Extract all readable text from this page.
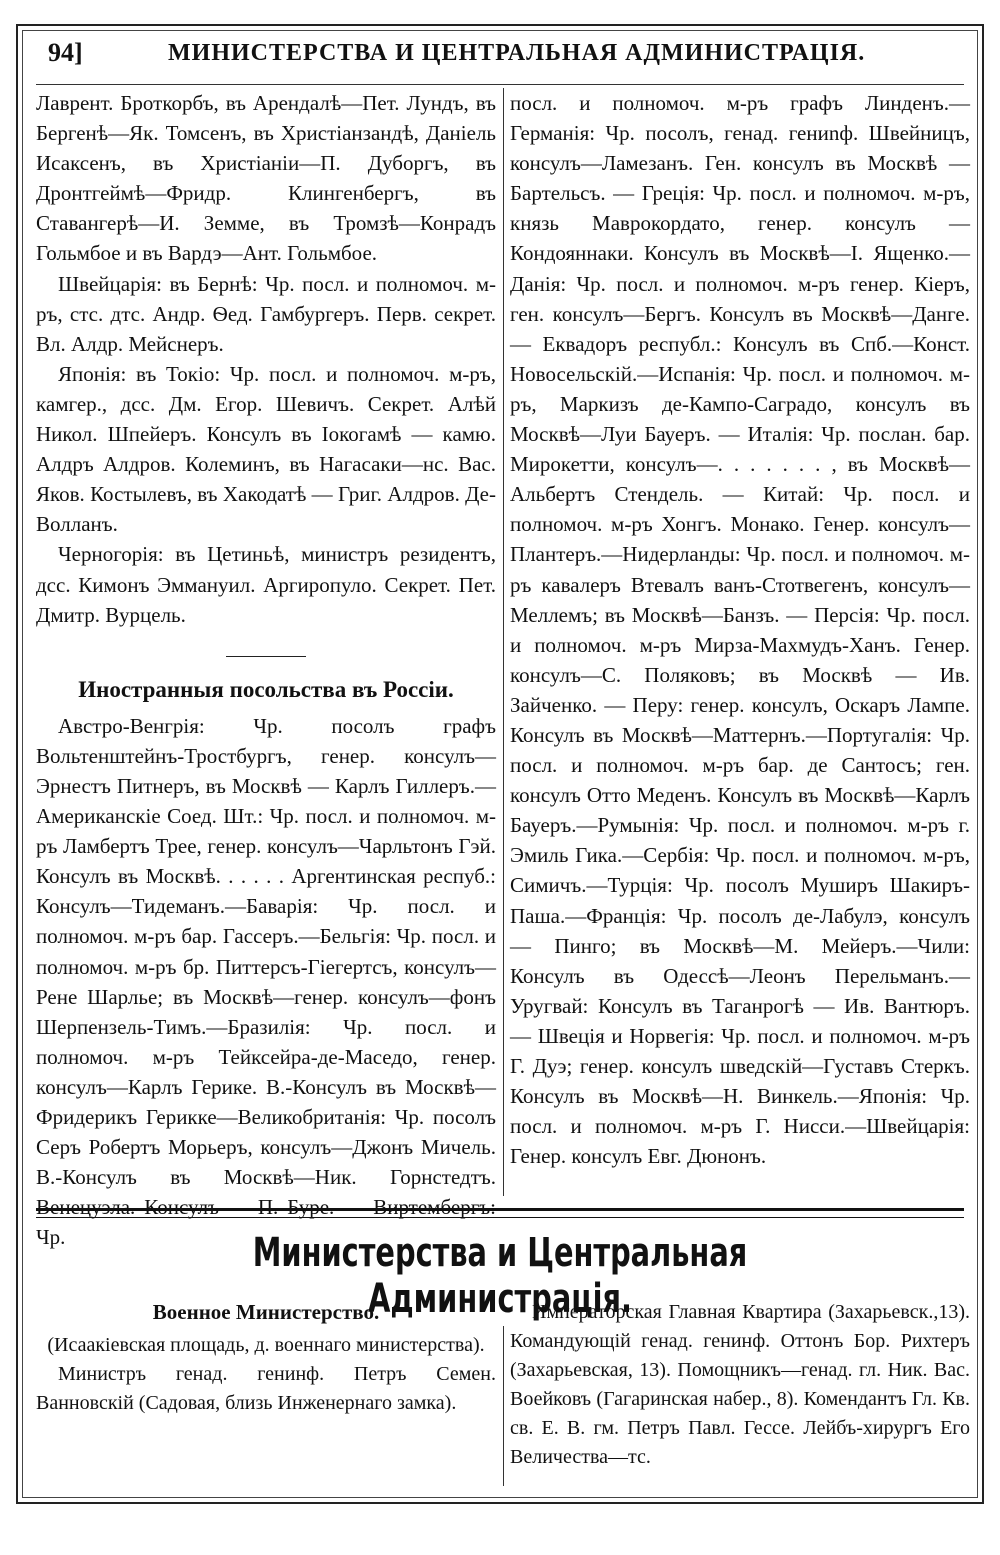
94]	МИНИСТЕРСТВА И ЦЕНТРАЛЬНАЯ АДМИНИСТРАЦІЯ.

Лаврент. Броткорбъ, въ Арендалѣ—Пет. Лундъ, въ Бергенѣ—Як. Томсенъ, въ Христіанзандѣ, Даніель Исаксенъ, въ Христіаніи—П. Дуборгъ, въ Дронтгеймѣ—Фридр. Клингенбергъ, въ Ставангерѣ—И. Земме, въ Тромзѣ—Конрадъ Гольмбое и въ Вардэ—Ант. Гольмбое.

Швейцарія: въ Бернѣ: Чр. посл. и полномоч. м-ръ, стс. дтс. Андр. Ѳед. Гамбургеръ. Перв. секрет. Вл. Алдр. Мейснеръ.

Японія: въ Токіо: Чр. посл. и полномоч. м-ръ, камгер., дсс. Дм. Егор. Шевичъ. Секрет. Алѣй Никол. Шпейеръ. Консулъ въ Іокогамѣ — камю. Алдръ Алдров. Колеминъ, въ Нагасаки—нс. Вас. Яков. Костылевъ, въ Хакодатѣ — Григ. Алдров. Де-Волланъ.

Черногорія: въ Цетиньѣ, министръ резидентъ, дсс. Кимонъ Эммануил. Аргиропуло. Секрет. Пет. Дмитр. Вурцель.

Иностранныя посольства въ Россіи.

Австро-Венгрія: Чр. посолъ графъ Вольтенштейнъ-Тростбургъ, генер. консулъ—Эрнестъ Питнеръ, въ Москвѣ — Карлъ Гиллеръ.—Американскіе Соед. Шт.: Чр. посл. и полномоч. м-ръ Ламбертъ Трее, генер. консулъ—Чарльтонъ Гэй. Консулъ въ Москвѣ. . . . . . Аргентинская респуб.: Консулъ—Тидеманъ.—Баварія: Чр. посл. и полномоч. м-ръ бар. Гассеръ.—Бельгія: Чр. посл. и полномоч. м-ръ бр. Питтерсъ-Гіегертсъ, консулъ—Рене Шарлье; въ Москвѣ—генер. консулъ—фонъ Шерпензель-Тимъ.—Бразилія: Чр. посл. и полномоч. м-ръ Тейксейра-де-Маседо, генер. консулъ—Карлъ Герике. В.-Консулъ въ Москвѣ—Фридерикъ Герикке—Великобританія: Чр. посолъ Серъ Робертъ Морьеръ, консулъ—Джонъ Мичель. В.-Консулъ въ Москвѣ—Ник. Горнстедтъ. Венецуэла. Консулъ — П. Буре. — Виртембергъ: Чр.

посл. и полномоч. м-ръ графъ Линденъ.—Германія: Чр. посолъ, генад. гениnф. Швейницъ, консулъ—Ламезанъ. Ген. консулъ въ Москвѣ — Бартельсъ. — Греція: Чр. посл. и полномоч. м-ръ, князь Маврокордато, генер. консулъ — Кондояннаки. Консулъ въ Москвѣ—І. Ященко.—Данія: Чр. посл. и полномоч. м-ръ генер. Кіеръ, ген. консулъ—Бергъ. Консулъ въ Москвѣ—Данге. — Еквадоръ республ.: Консулъ въ Спб.—Конст. Новосельскій.—Испанія: Чр. посл. и полномоч. м-ръ, Маркизъ де-Кампо-Саградо, консулъ въ Москвѣ—Луи Бауеръ. — Италія: Чр. послан. бар. Мирокетти, консулъ—. . . . . . . , въ Москвѣ—Альбертъ Стендель. — Китай: Чр. посл. и полномоч. м-ръ Хонгъ. Монако. Генер. консулъ—Плантеръ.—Нидерланды: Чр. посл. и полномоч. м-ръ кавалеръ Втевалъ ванъ-Стотвегенъ, консулъ—Меллемъ; въ Москвѣ—Банзъ. — Персія: Чр. посл. и полномоч. м-ръ Мирза-Махмудъ-Ханъ. Генер. консулъ—С. Поляковъ; въ Москвѣ — Ив. Зайченко. — Перу: генер. консулъ, Оскаръ Лампе. Консулъ въ Москвѣ—Маттернъ.—Португалія: Чр. посл. и полномоч. м-ръ бар. де Сантосъ; ген. консулъ Отто Меденъ. Консулъ въ Москвѣ—Карлъ Бауеръ.—Румынія: Чр. посл. и полномоч. м-ръ г. Эмиль Гика.—Сербія: Чр. посл. и полномоч. м-ръ, Симичъ.—Турція: Чр. посолъ Муширъ Шакиръ-Паша.—Франція: Чр. посолъ де-Лабулэ, консулъ — Пинго; въ Москвѣ—М. Мейеръ.—Чили: Консулъ въ Одессѣ—Леонъ Перельманъ.—Уругвай: Консулъ въ Таганрогѣ — Ив. Вантюръ. — Швеція и Норвегія: Чр. посл. и полномоч. м-ръ Г. Дуэ; генер. консулъ шведскій—Густавъ Стеркъ. Консулъ въ Москвѣ—Н. Винкель.—Японія: Чр. посл. и полномоч. м-ръ Г. Нисси.—Швейцарія: Генер. консулъ Евг. Дюнонъ.

Министерства и Центральная Администрація.
Военное Министерство.

(Исаакіевская площадь, д. военнаго министерства).

Министръ генад. генинф. Петръ Семен. Ванновскій (Садовая, близь Инженернаго замка).

Императорская Главная Квартира (Захарьевск.,13). Командующій генад. генинф. Оттонъ Бор. Рихтеръ (Захарьевская, 13). Помощникъ—генад. гл. Ник. Вас. Воейковъ (Гагаринская набер., 8). Комендантъ Гл. Кв. св. Е. В. гм. Петръ Павл. Гессе. Лейбъ-хирургъ Его Величества—тс.
